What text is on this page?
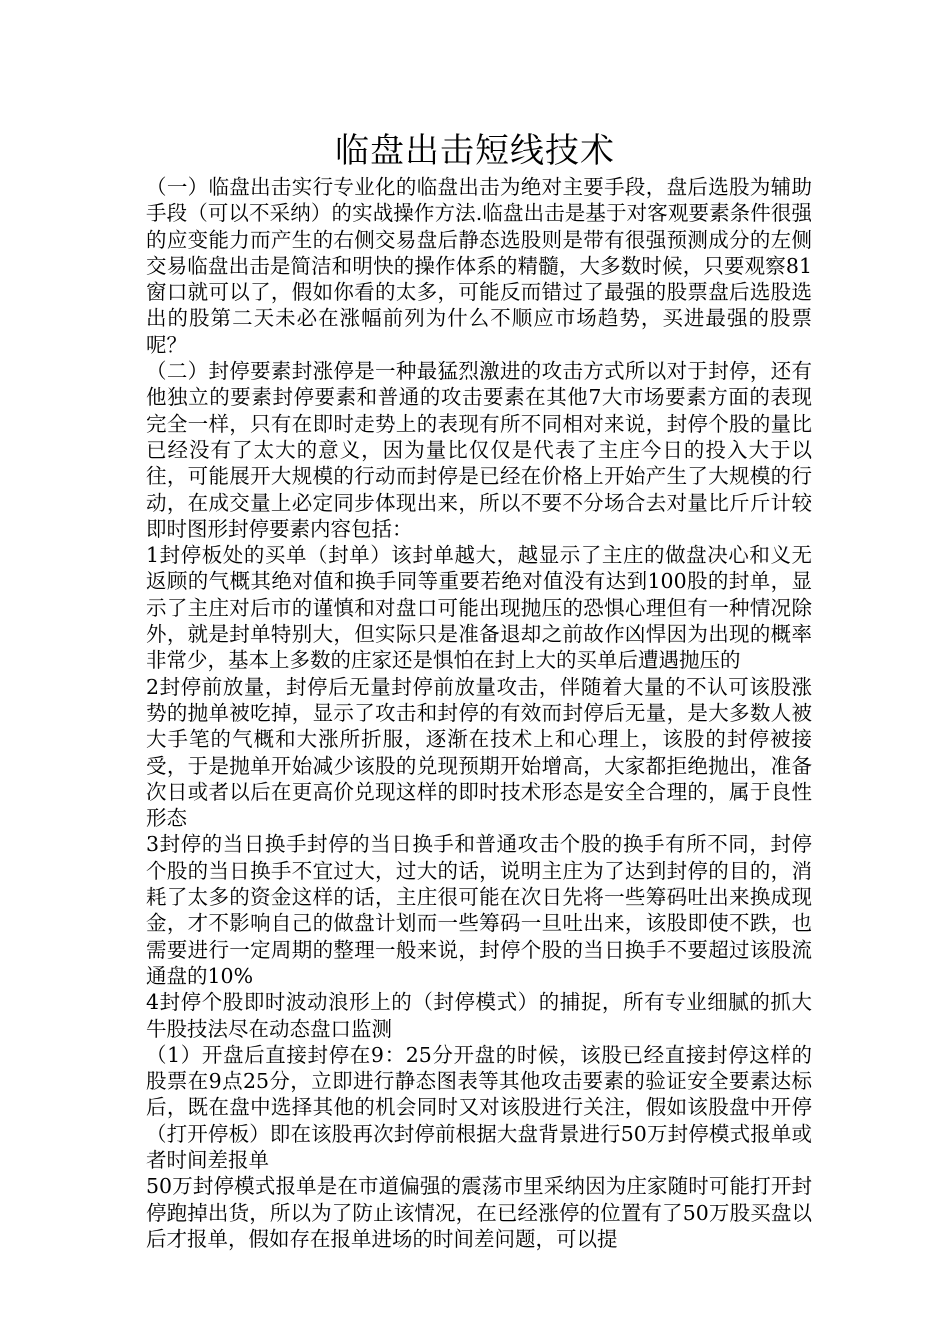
临盘出击短线技术

（一）临盘出击实行专业化的临盘出击为绝对主要手段，盘后选股为辅助手段（可以不采纳）的实战操作方法.临盘出击是基于对客观要素条件很强的应变能力而产生的右侧交易盘后静态选股则是带有很强预测成分的左侧交易临盘出击是简洁和明快的操作体系的精髓，大多数时候，只要观察81窗口就可以了，假如你看的太多，可能反而错过了最强的股票盘后选股选出的股第二天未必在涨幅前列为什么不顺应市场趋势，买进最强的股票呢？

（二）封停要素封涨停是一种最猛烈激进的攻击方式所以对于封停，还有他独立的要素封停要素和普通的攻击要素在其他7大市场要素方面的表现完全一样，只有在即时走势上的表现有所不同相对来说，封停个股的量比已经没有了太大的意义，因为量比仅仅是代表了主庄今日的投入大于以往，可能展开大规模的行动而封停是已经在价格上开始产生了大规模的行动，在成交量上必定同步体现出来，所以不要不分场合去对量比斤斤计较即时图形封停要素内容包括：

1封停板处的买单（封单）该封单越大，越显示了主庄的做盘决心和义无返顾的气概其绝对值和换手同等重要若绝对值没有达到100股的封单，显示了主庄对后市的谨慎和对盘口可能出现抛压的恐惧心理但有一种情况除外，就是封单特别大，但实际只是准备退却之前故作凶悍因为出现的概率非常少，基本上多数的庄家还是惧怕在封上大的买单后遭遇抛压的

2封停前放量，封停后无量封停前放量攻击，伴随着大量的不认可该股涨势的抛单被吃掉，显示了攻击和封停的有效而封停后无量，是大多数人被大手笔的气概和大涨所折服，逐渐在技术上和心理上，该股的封停被接受，于是抛单开始减少该股的兑现预期开始增高，大家都拒绝抛出，准备次日或者以后在更高价兑现这样的即时技术形态是安全合理的，属于良性形态

3封停的当日换手封停的当日换手和普通攻击个股的换手有所不同，封停个股的当日换手不宜过大，过大的话，说明主庄为了达到封停的目的，消耗了太多的资金这样的话，主庄很可能在次日先将一些筹码吐出来换成现金，才不影响自己的做盘计划而一些筹码一旦吐出来，该股即使不跌，也需要进行一定周期的整理一般来说，封停个股的当日换手不要超过该股流通盘的10%

4封停个股即时波动浪形上的（封停模式）的捕捉，所有专业细腻的抓大牛股技法尽在动态盘口监测

（1）开盘后直接封停在9：25分开盘的时候，该股已经直接封停这样的股票在9点25分，立即进行静态图表等其他攻击要素的验证安全要素达标后，既在盘中选择其他的机会同时又对该股进行关注，假如该股盘中开停（打开停板）即在该股再次封停前根据大盘背景进行50万封停模式报单或者时间差报单

50万封停模式报单是在市道偏强的震荡市里采纳因为庄家随时可能打开封停跑掉出货，所以为了防止该情况，在已经涨停的位置有了50万股买盘以后才报单，假如存在报单进场的时间差问题，可以提
